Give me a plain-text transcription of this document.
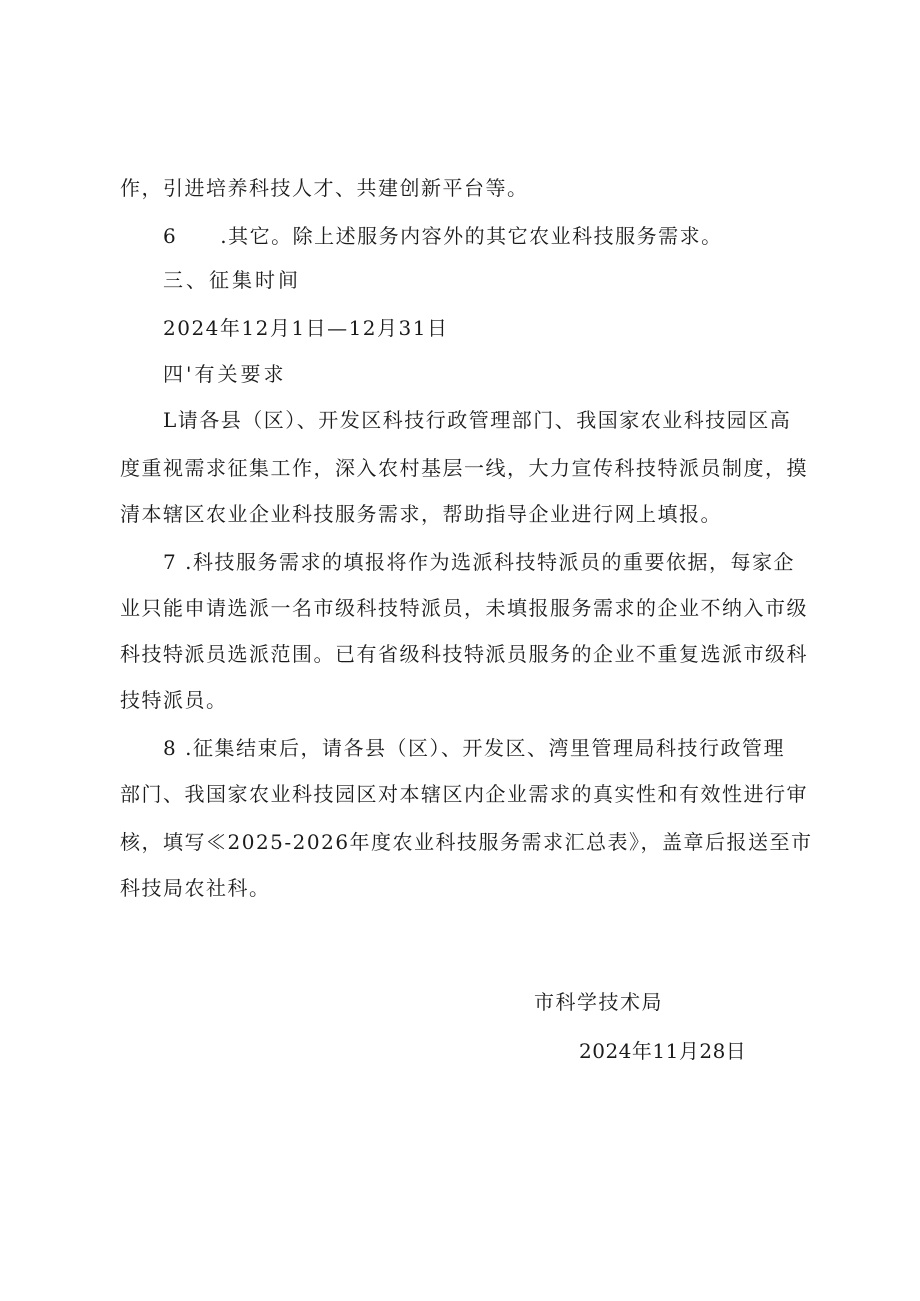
作，引进培养科技人才、共建创新平台等。
6　　.其它。除上述服务内容外的其它农业科技服务需求。
三、征集时间
2024年12月1日—12月31日
四'有关要求
L请各县（区）、开发区科技行政管理部门、我国家农业科技园区高
度重视需求征集工作，深入农村基层一线，大力宣传科技特派员制度，摸
清本辖区农业企业科技服务需求，帮助指导企业进行网上填报。
7 .科技服务需求的填报将作为选派科技特派员的重要依据，每家企
业只能申请选派一名市级科技特派员，未填报服务需求的企业不纳入市级
科技特派员选派范围。已有省级科技特派员服务的企业不重复选派市级科
技特派员。
8 .征集结束后，请各县（区）、开发区、湾里管理局科技行政管理
部门、我国家农业科技园区对本辖区内企业需求的真实性和有效性进行审
核，填写≪2025-2026年度农业科技服务需求汇总表》，盖章后报送至市
科技局农社科。
市科学技术局
2024年11月28日
